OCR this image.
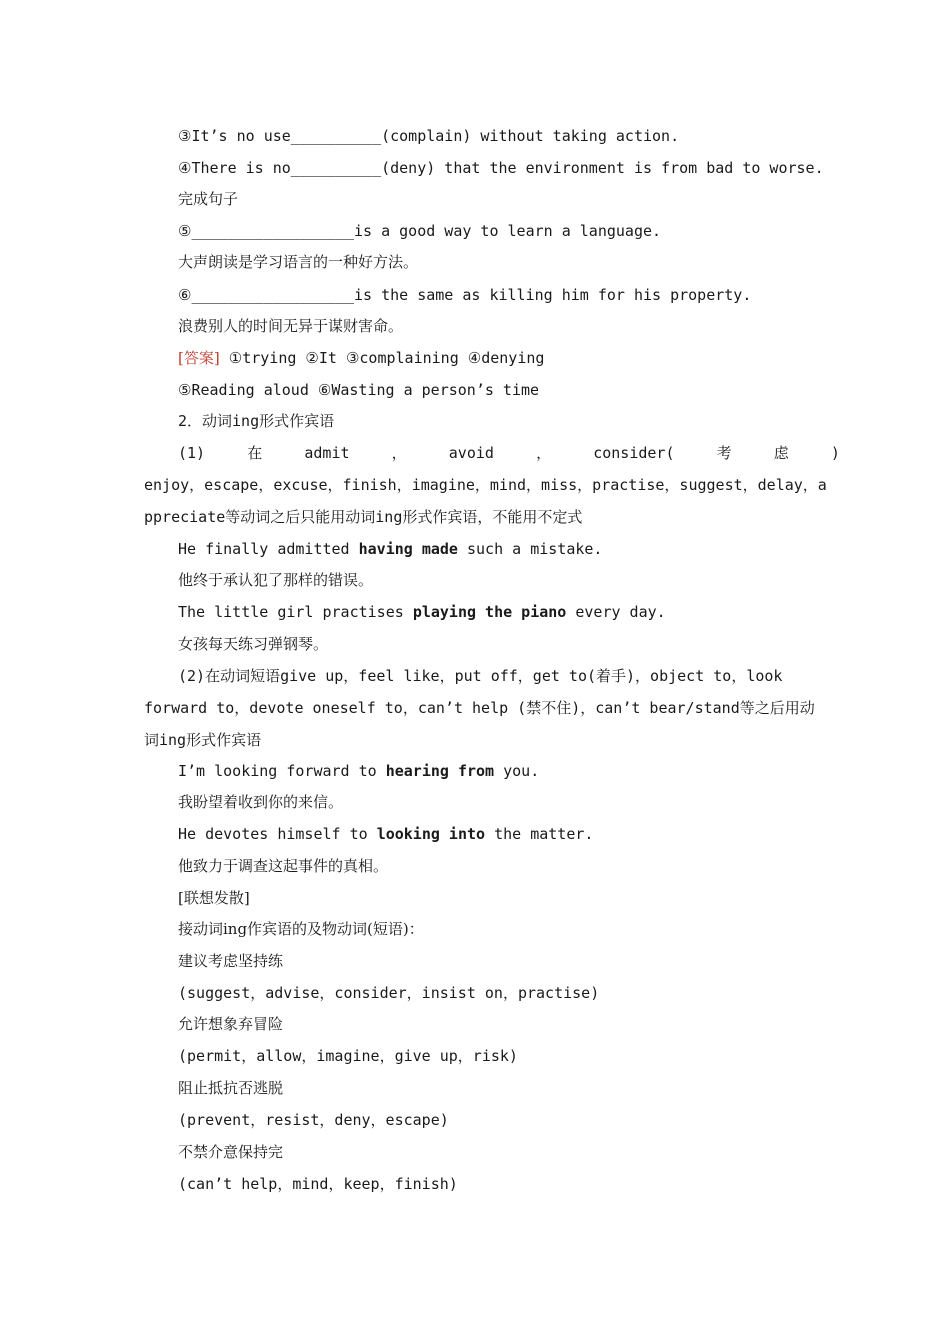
③It’s no use__________(complain) without taking action.
④There is no__________(deny) that the environment is from bad to worse.
完成句子
⑤__________________is a good way to learn a language.
大声朗读是学习语言的一种好方法。
⑥__________________is the same as killing him for his property.
浪费别人的时间无异于谋财害命。
[答案] ①trying ②It ③complaining ④denying
⑤Reading aloud ⑥Wasting a person’s time
2．动词ing形式作宾语
(1)	在	admit	，	avoid	，	consider(	考	虑	)
enjoy，escape，excuse，finish，imagine，mind，miss，practise，suggest，delay，a
ppreciate等动词之后只能用动词ing形式作宾语，不能用不定式
He finally admitted having made such a mistake.
他终于承认犯了那样的错误。
The little girl practises playing the piano every day.
女孩每天练习弹钢琴。
(2)在动词短语give up，feel like，put off，get to(着手)，object to，look
forward to，devote oneself to，can’t help (禁不住)，can’t bear/stand等之后用动
词ing形式作宾语
I’m looking forward to hearing from you.
我盼望着收到你的来信。
He devotes himself to looking into the matter.
他致力于调查这起事件的真相。
[联想发散]
接动词ing作宾语的及物动词(短语)：
建议考虑坚持练
(suggest，advise，consider，insist on，practise)
允许想象弃冒险
(permit，allow，imagine，give up，risk)
阻止抵抗否逃脱
(prevent，resist，deny，escape)
不禁介意保持完
(can’t help，mind，keep，finish)
